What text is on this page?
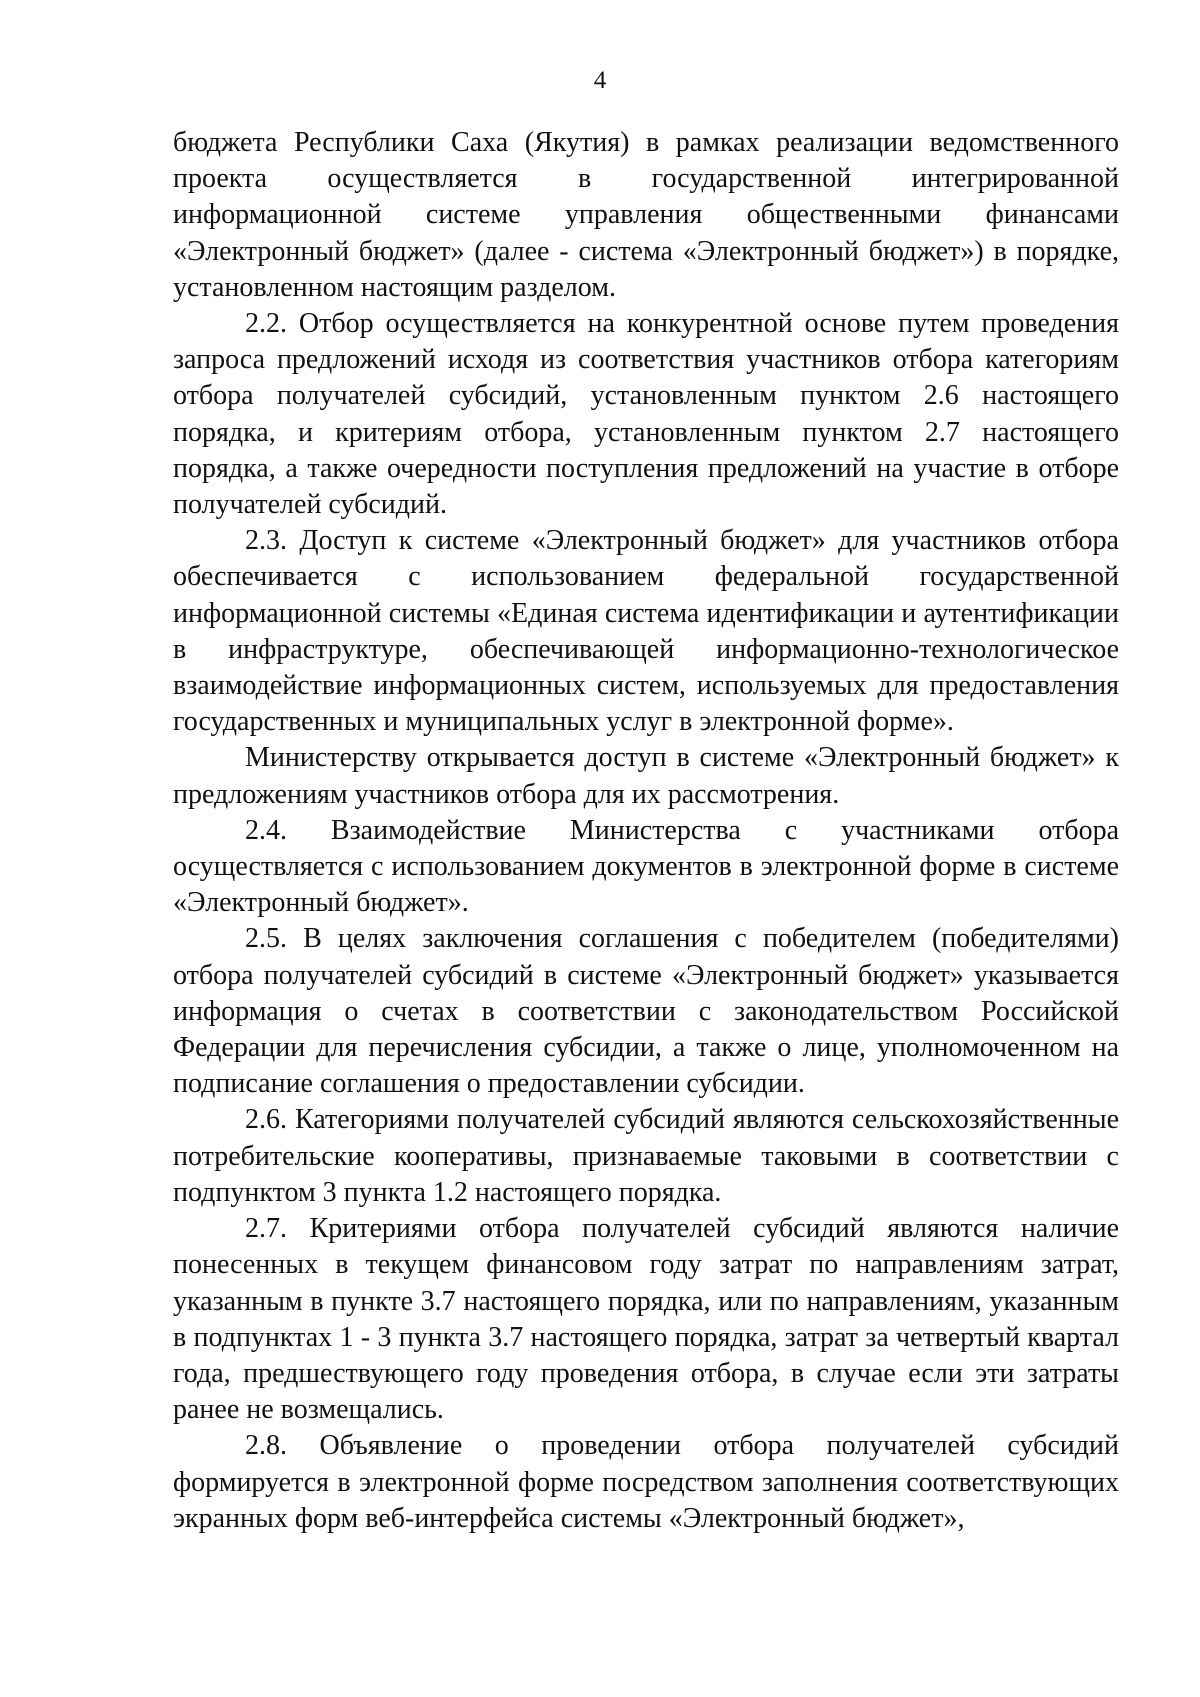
4

бюджета Республики Саха (Якутия) в рамках реализации ведомственного проекта осуществляется в государственной интегрированной информационной системе управления общественными финансами «Электронный бюджет» (далее - система «Электронный бюджет») в порядке, установленном настоящим разделом.

2.2. Отбор осуществляется на конкурентной основе путем проведения запроса предложений исходя из соответствия участников отбора категориям отбора получателей субсидий, установленным пунктом 2.6 настоящего порядка, и критериям отбора, установленным пунктом 2.7 настоящего порядка, а также очередности поступления предложений на участие в отборе получателей субсидий.

2.3. Доступ к системе «Электронный бюджет» для участников отбора обеспечивается с использованием федеральной государственной информационной системы «Единая система идентификации и аутентификации в инфраструктуре, обеспечивающей информационно-технологическое взаимодействие информационных систем, используемых для предоставления государственных и муниципальных услуг в электронной форме».

Министерству открывается доступ в системе «Электронный бюджет» к предложениям участников отбора для их рассмотрения.

2.4. Взаимодействие Министерства с участниками отбора осуществляется с использованием документов в электронной форме в системе «Электронный бюджет».

2.5. В целях заключения соглашения с победителем (победителями) отбора получателей субсидий в системе «Электронный бюджет» указывается информация о счетах в соответствии с законодательством Российской Федерации для перечисления субсидии, а также о лице, уполномоченном на подписание соглашения о предоставлении субсидии.

2.6. Категориями получателей субсидий являются сельскохозяйственные потребительские кооперативы, признаваемые таковыми в соответствии с подпунктом 3 пункта 1.2 настоящего порядка.

2.7. Критериями отбора получателей субсидий являются наличие понесенных в текущем финансовом году затрат по направлениям затрат, указанным в пункте 3.7 настоящего порядка, или по направлениям, указанным в подпунктах 1 - 3 пункта 3.7 настоящего порядка, затрат за четвертый квартал года, предшествующего году проведения отбора, в случае если эти затраты ранее не возмещались.

2.8. Объявление о проведении отбора получателей субсидий формируется в электронной форме посредством заполнения соответствующих экранных форм веб-интерфейса системы «Электронный бюджет»,
